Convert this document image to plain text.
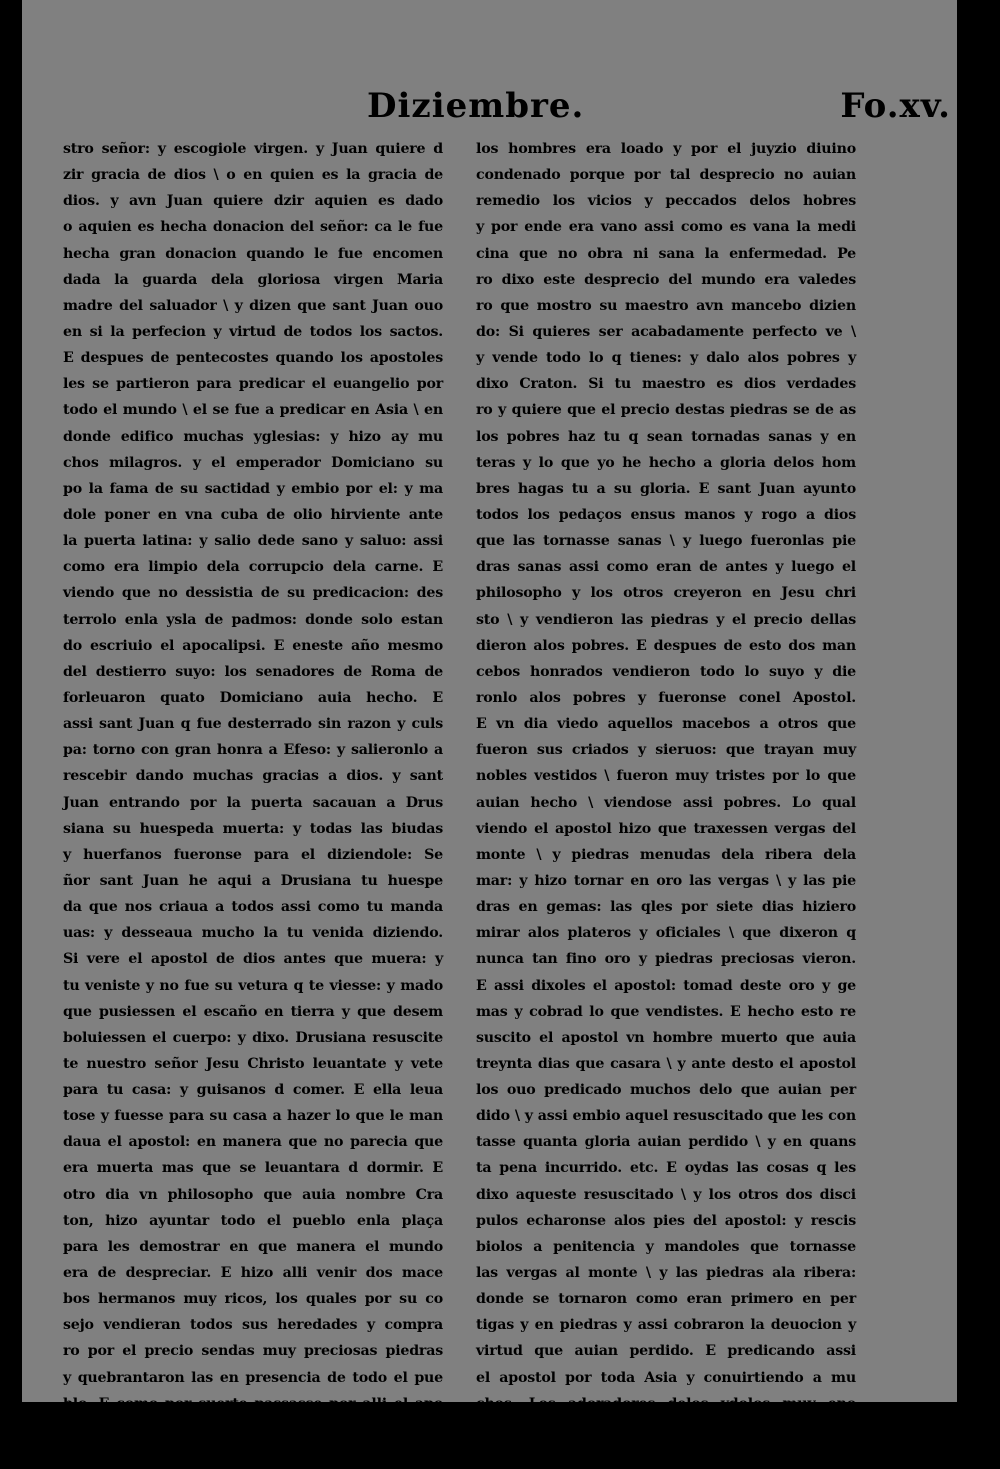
Diziembre.	Fo.xv.
stro señor: y escogiole virgen. y Juan quiere d
zir gracia de dios \ o en quien es la gracia de
dios. y avn Juan quiere dzir aquien es dado
o aquien es hecha donacion del señor: ca le fue
hecha gran donacion quando le fue encomen
dada la guarda dela gloriosa virgen Maria
madre del saluador \ y dizen que sant Juan ouo
en si la perfecion y virtud de todos los sactos.
E despues de pentecostes quando los apostoles
les se partieron para predicar el euangelio por
todo el mundo \ el se fue a predicar en Asia \ en
donde edifico muchas yglesias: y hizo ay mu
chos milagros. y el emperador Domiciano su
po la fama de su sactidad y embio por el: y ma
dole poner en vna cuba de olio hirviente ante
la puerta latina: y salio dede sano y saluo: assi
como era limpio dela corrupcio dela carne. E
viendo que no dessistia de su predicacion: des
terrolo enla ysla de padmos: donde solo estan
do escriuio el apocalipsi. E eneste año mesmo
del destierro suyo: los senadores de Roma de
forleuaron quato Domiciano auia hecho. E
assi sant Juan q fue desterrado sin razon y culs
pa: torno con gran honra a Efeso: y salieronlo a
rescebir dando muchas gracias a dios. y sant
Juan entrando por la puerta sacauan a Drus
siana su huespeda muerta: y todas las biudas
y huerfanos fueronse para el diziendole: Se
ñor sant Juan he aqui a Drusiana tu huespe
da que nos criaua a todos assi como tu manda
uas: y desseaua mucho la tu venida diziendo.
Si vere el apostol de dios antes que muera: y
tu veniste y no fue su vetura q te viesse: y mado
que pusiessen el escaño en tierra y que desem
boluiessen el cuerpo: y dixo. Drusiana resuscite
te nuestro señor Jesu Christo leuantate y vete
para tu casa: y guisanos d comer. E ella leua
tose y fuesse para su casa a hazer lo que le man
daua el apostol: en manera que no parecia que
era muerta mas que se leuantara d dormir. E
otro dia vn philosopho que auia nombre Cra
ton, hizo ayuntar todo el pueblo enla plaça
para les demostrar en que manera el mundo
era de despreciar. E hizo alli venir dos mace
bos hermanos muy ricos, los quales por su co
sejo vendieran todos sus heredades y compra
ro por el precio sendas muy preciosas piedras
y quebrantaron las en presencia de todo el pue
blo. E como por suerte passasse por alli el apo
stol llamo a Craton y dixole que aquel despre
cio del mundo era de reprehender el qual por
los hombres era loado y por el juyzio diuino
condenado porque por tal desprecio no auian
remedio los vicios y peccados delos hobres
y por ende era vano assi como es vana la medi
cina que no obra ni sana la enfermedad. Pe
ro dixo este desprecio del mundo era valedes
ro que mostro su maestro avn mancebo dizien
do: Si quieres ser acabadamente perfecto ve \
y vende todo lo q tienes: y dalo alos pobres y
dixo Craton. Si tu maestro es dios verdades
ro y quiere que el precio destas piedras se de as
los pobres haz tu q sean tornadas sanas y en
teras y lo que yo he hecho a gloria delos hom
bres hagas tu a su gloria. E sant Juan ayunto
todos los pedaços ensus manos y rogo a dios
que las tornasse sanas \ y luego fueronlas pie
dras sanas assi como eran de antes y luego el
philosopho y los otros creyeron en Jesu chri
sto \ y vendieron las piedras y el precio dellas
dieron alos pobres. E despues de esto dos man
cebos honrados vendieron todo lo suyo y die
ronlo alos pobres y fueronse conel Apostol.
E vn dia viedo aquellos macebos a otros que
fueron sus criados y sieruos: que trayan muy
nobles vestidos \ fueron muy tristes por lo que
auian hecho \ viendose assi pobres. Lo qual
viendo el apostol hizo que traxessen vergas del
monte \ y piedras menudas dela ribera dela
mar: y hizo tornar en oro las vergas \ y las pie
dras en gemas: las qles por siete dias hiziero
mirar alos plateros y oficiales \ que dixeron q
nunca tan fino oro y piedras preciosas vieron.
E assi dixoles el apostol: tomad deste oro y ge
mas y cobrad lo que vendistes. E hecho esto re
suscito el apostol vn hombre muerto que auia
treynta dias que casara \ y ante desto el apostol
los ouo predicado muchos delo que auian per
dido \ y assi embio aquel resuscitado que les con
tasse quanta gloria auian perdido \ y en quans
ta pena incurrido. etc. E oydas las cosas q les
dixo aqueste resuscitado \ y los otros dos disci
pulos echaronse alos pies del apostol: y rescis
biolos a penitencia y mandoles que tornasse
las vergas al monte \ y las piedras ala ribera:
donde se tornaron como eran primero en per
tigas y en piedras y assi cobraron la deuocion y
virtud que auian perdido. E predicando assi
el apostol por toda Asia y conuirtiendo a mu
chos. Los adoradores delos ydolos muy eno
jados mouieron gran alboroto en todo el pue
blo \ y prendiendo a sant Juan leuaronlo al tem
